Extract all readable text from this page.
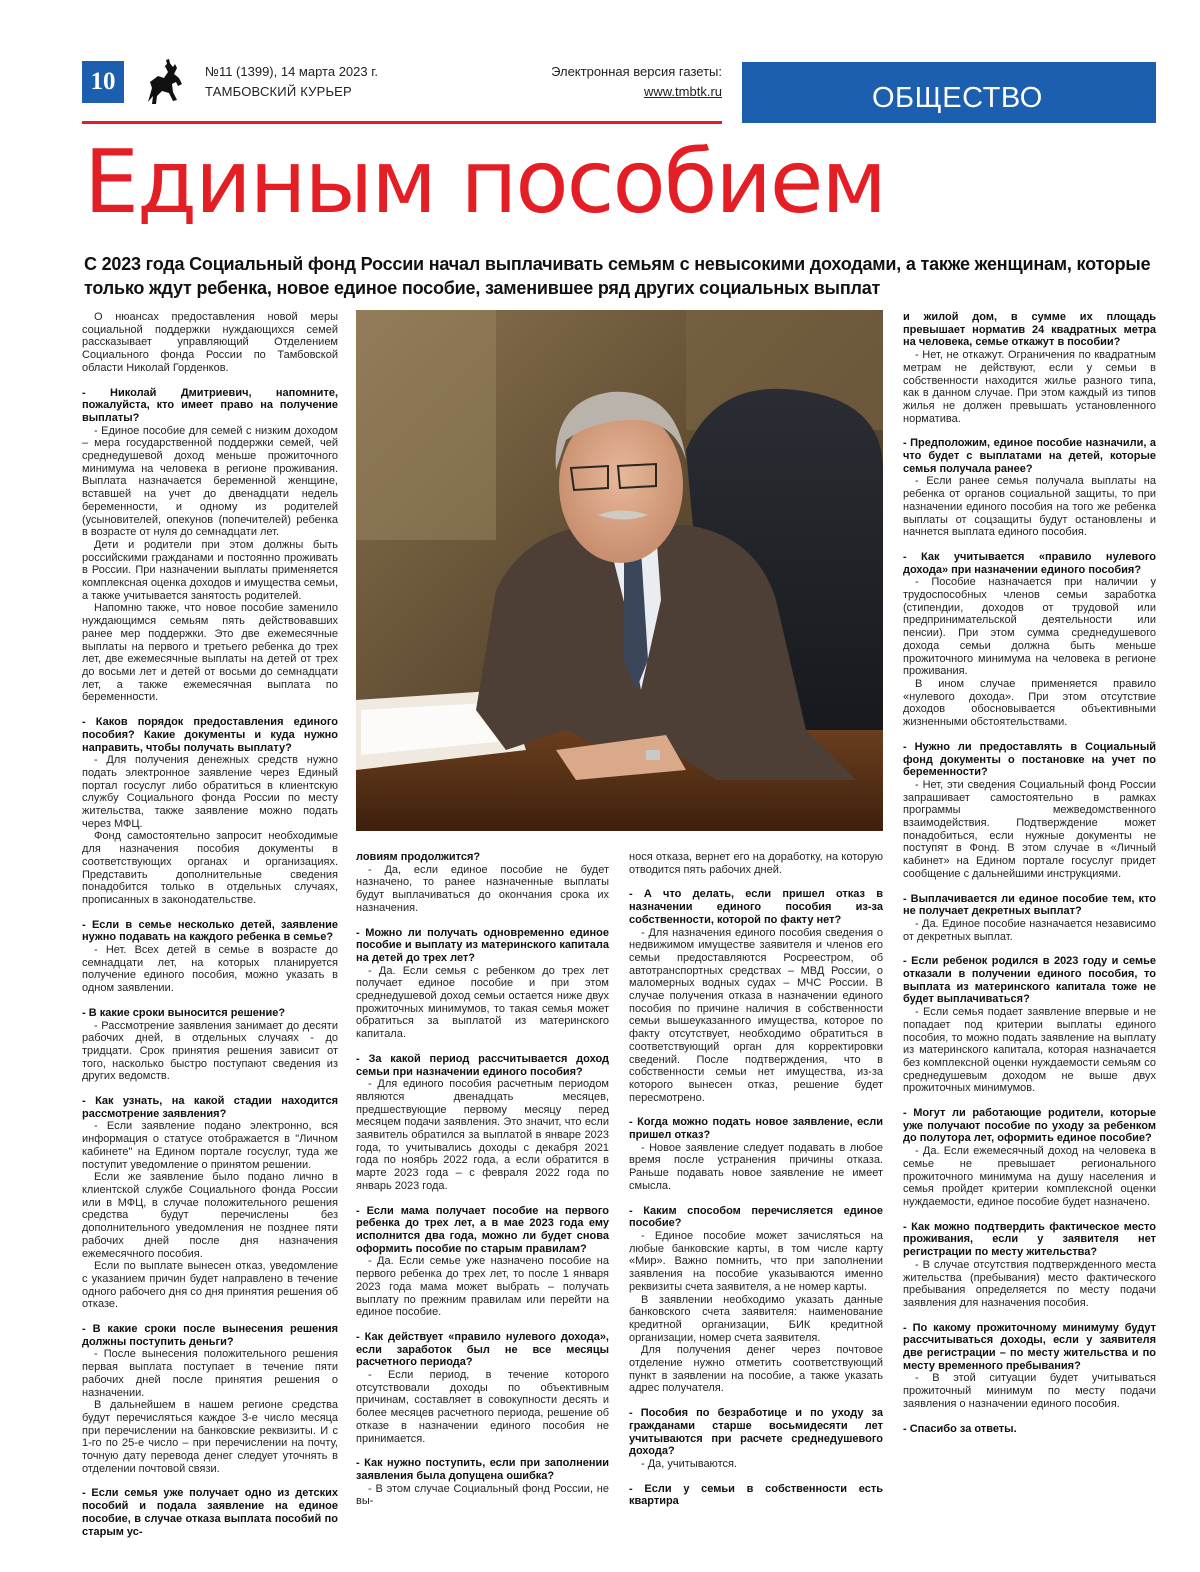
10	№11 (1399), 14 марта 2023 г.
ТАМБОВСКИЙ КУРЬЕР
Электронная версия газеты:
www.tmbtk.ru	ОБЩЕСТВО
Единым пособием
С 2023 года Социальный фонд России начал выплачивать семьям с невысокими доходами, а также женщинам, которые только ждут ребенка, новое единое пособие, заменившее ряд других социальных выплат

О нюансах предоставления новой меры социальной поддержки нуждающихся семей рассказывает управляющий Отделением Социального фонда России по Тамбовской области Николай Горденков.

- Николай Дмитриевич, напомните, пожалуйста, кто имеет право на получение выплаты?

- Единое пособие для семей с низким доходом – мера государственной поддержки семей, чей среднедушевой доход меньше прожиточного минимума на человека в регионе проживания. Выплата назначается беременной женщине, вставшей на учет до двенадцати недель беременности, и одному из родителей (усыновителей, опекунов (попечителей) ребенка в возрасте от нуля до семнадцати лет.

Дети и родители при этом должны быть российскими гражданами и постоянно проживать в России. При назначении выплаты применяется комплексная оценка доходов и имущества семьи, а также учитывается занятость родителей.

Напомню также, что новое пособие заменило нуждающимся семьям пять действовавших ранее мер поддержки. Это две ежемесячные выплаты на первого и третьего ребенка до трех лет, две ежемесячные выплаты на детей от трех до восьми лет и детей от восьми до семнадцати лет, а также ежемесячная выплата по беременности.

- Каков порядок предоставления единого пособия? Какие документы и куда нужно направить, чтобы получать выплату?

- Для получения денежных средств нужно подать электронное заявление через Единый портал госуслуг либо обратиться в клиентскую службу Социального фонда России по месту жительства, также заявление можно подать через МФЦ.

Фонд самостоятельно запросит необходимые для назначения пособия документы в соответствующих органах и организациях. Представить дополнительные сведения понадобится только в отдельных случаях, прописанных в законодательстве.

- Если в семье несколько детей, заявление нужно подавать на каждого ребенка в семье?

- Нет. Всех детей в семье в возрасте до семнадцати лет, на которых планируется получение единого пособия, можно указать в одном заявлении.

- В какие сроки выносится решение?

- Рассмотрение заявления занимает до десяти рабочих дней, в отдельных случаях - до тридцати. Срок принятия решения зависит от того, насколько быстро поступают сведения из других ведомств.

- Как узнать, на какой стадии находится рассмотрение заявления?

- Если заявление подано электронно, вся информация о статусе отображается в "Личном кабинете" на Едином портале госуслуг, туда же поступит уведомление о принятом решении.

Если же заявление было подано лично в клиентской службе Социального фонда России или в МФЦ, в случае положительного решения средства будут перечислены без дополнительного уведомления не позднее пяти рабочих дней после дня назначения ежемесячного пособия.

Если по выплате вынесен отказ, уведомление с указанием причин будет направлено в течение одного рабочего дня со дня принятия решения об отказе.

- В какие сроки после вынесения решения должны поступить деньги?

- После вынесения положительного решения первая выплата поступает в течение пяти рабочих дней после принятия решения о назначении.

В дальнейшем в нашем регионе средства будут перечисляться каждое 3-е число месяца при перечислении на банковские реквизиты. И с 1-го по 25-е число – при перечислении на почту, точную дату перевода денег следует уточнять в отделении почтовой связи.

- Если семья уже получает одно из детских пособий и подала заявление на единое пособие, в случае отказа выплата пособий по старым ус-

ловиям продолжится?

- Да, если единое пособие не будет назначено, то ранее назначенные выплаты будут выплачиваться до окончания срока их назначения.

- Можно ли получать одновременно единое пособие и выплату из материнского капитала на детей до трех лет?

- Да. Если семья с ребенком до трех лет получает единое пособие и при этом среднедушевой доход семьи остается ниже двух прожиточных минимумов, то такая семья может обратиться за выплатой из материнского капитала.

- За какой период рассчитывается доход семьи при назначении единого пособия?

- Для единого пособия расчетным периодом являются двенадцать месяцев, предшествующие первому месяцу перед месяцем подачи заявления. Это значит, что если заявитель обратился за выплатой в январе 2023 года, то учитывались доходы с декабря 2021 года по ноябрь 2022 года, а если обратится в марте 2023 года – с февраля 2022 года по январь 2023 года.

- Если мама получает пособие на первого ребенка до трех лет, а в мае 2023 года ему исполнится два года, можно ли будет снова оформить пособие по старым правилам?

- Да. Если семье уже назначено пособие на первого ребенка до трех лет, то после 1 января 2023 года мама может выбрать – получать выплату по прежним правилам или перейти на единое пособие.

- Как действует «правило нулевого дохода», если заработок был не все месяцы расчетного периода?

- Если период, в течение которого отсутствовали доходы по объективным причинам, составляет в совокупности десять и более месяцев расчетного периода, решение об отказе в назначении единого пособия не принимается.

- Как нужно поступить, если при заполнении заявления была допущена ошибка?

- В этом случае Социальный фонд России, не вы-

нося отказа, вернет его на доработку, на которую отводится пять рабочих дней.

- А что делать, если пришел отказ в назначении единого пособия из-за собственности, которой по факту нет?

- Для назначения единого пособия сведения о недвижимом имуществе заявителя и членов его семьи предоставляются Росреестром, об автотранспортных средствах – МВД России, о маломерных водных судах – МЧС России. В случае получения отказа в назначении единого пособия по причине наличия в собственности семьи вышеуказанного имущества, которое по факту отсутствует, необходимо обратиться в соответствующий орган для корректировки сведений. После подтверждения, что в собственности семьи нет имущества, из-за которого вынесен отказ, решение будет пересмотрено.

- Когда можно подать новое заявление, если пришел отказ?

- Новое заявление следует подавать в любое время после устранения причины отказа. Раньше подавать новое заявление не имеет смысла.

- Каким способом перечисляется единое пособие?

- Единое пособие может зачисляться на любые банковские карты, в том числе карту «Мир». Важно помнить, что при заполнении заявления на пособие указываются именно реквизиты счета заявителя, а не номер карты.

В заявлении необходимо указать данные банковского счета заявителя: наименование кредитной организации, БИК кредитной организации, номер счета заявителя.

Для получения денег через почтовое отделение нужно отметить соответствующий пункт в заявлении на пособие, а также указать адрес получателя.

- Пособия по безработице и по уходу за гражданами старше восьмидесяти лет учитываются при расчете среднедушевого дохода?

- Да, учитываются.

- Если у семьи в собственности есть квартира

и жилой дом, в сумме их площадь превышает норматив 24 квадратных метра на человека, семье откажут в пособии?

- Нет, не откажут. Ограничения по квадратным метрам не действуют, если у семьи в собственности находится жилье разного типа, как в данном случае. При этом каждый из типов жилья не должен превышать установленного норматива.

- Предположим, единое пособие назначили, а что будет с выплатами на детей, которые семья получала ранее?

- Если ранее семья получала выплаты на ребенка от органов социальной защиты, то при назначении единого пособия на того же ребенка выплаты от соцзащиты будут остановлены и начнется выплата единого пособия.

- Как учитывается «правило нулевого дохода» при назначении единого пособия?

- Пособие назначается при наличии у трудоспособных членов семьи заработка (стипендии, доходов от трудовой или предпринимательской деятельности или пенсии). При этом сумма среднедушевого дохода семьи должна быть меньше прожиточного минимума на человека в регионе проживания.

В ином случае применяется правило «нулевого дохода». При этом отсутствие доходов обосновывается объективными жизненными обстоятельствами.

- Нужно ли предоставлять в Социальный фонд документы о постановке на учет по беременности?

- Нет, эти сведения Социальный фонд России запрашивает самостоятельно в рамках программы межведомственного взаимодействия. Подтверждение может понадобиться, если нужные документы не поступят в Фонд. В этом случае в «Личный кабинет» на Едином портале госуслуг придет сообщение с дальнейшими инструкциями.

- Выплачивается ли единое пособие тем, кто не получает декретных выплат?

- Да. Единое пособие назначается независимо от декретных выплат.

- Если ребенок родился в 2023 году и семье отказали в получении единого пособия, то выплата из материнского капитала тоже не будет выплачиваться?

- Если семья подает заявление впервые и не попадает под критерии выплаты единого пособия, то можно подать заявление на выплату из материнского капитала, которая назначается без комплексной оценки нуждаемости семьям со среднедушевым доходом не выше двух прожиточных минимумов.

- Могут ли работающие родители, которые уже получают пособие по уходу за ребенком до полутора лет, оформить единое пособие?

- Да. Если ежемесячный доход на человека в семье не превышает регионального прожиточного минимума на душу населения и семья пройдет критерии комплексной оценки нуждаемости, единое пособие будет назначено.

- Как можно подтвердить фактическое место проживания, если у заявителя нет регистрации по месту жительства?

- В случае отсутствия подтвержденного места жительства (пребывания) место фактического пребывания определяется по месту подачи заявления для назначения пособия.

- По какому прожиточному минимуму будут рассчитываться доходы, если у заявителя две регистрации – по месту жительства и по месту временного пребывания?

- В этой ситуации будет учитываться прожиточный минимум по месту подачи заявления о назначении единого пособия.

- Спасибо за ответы.
